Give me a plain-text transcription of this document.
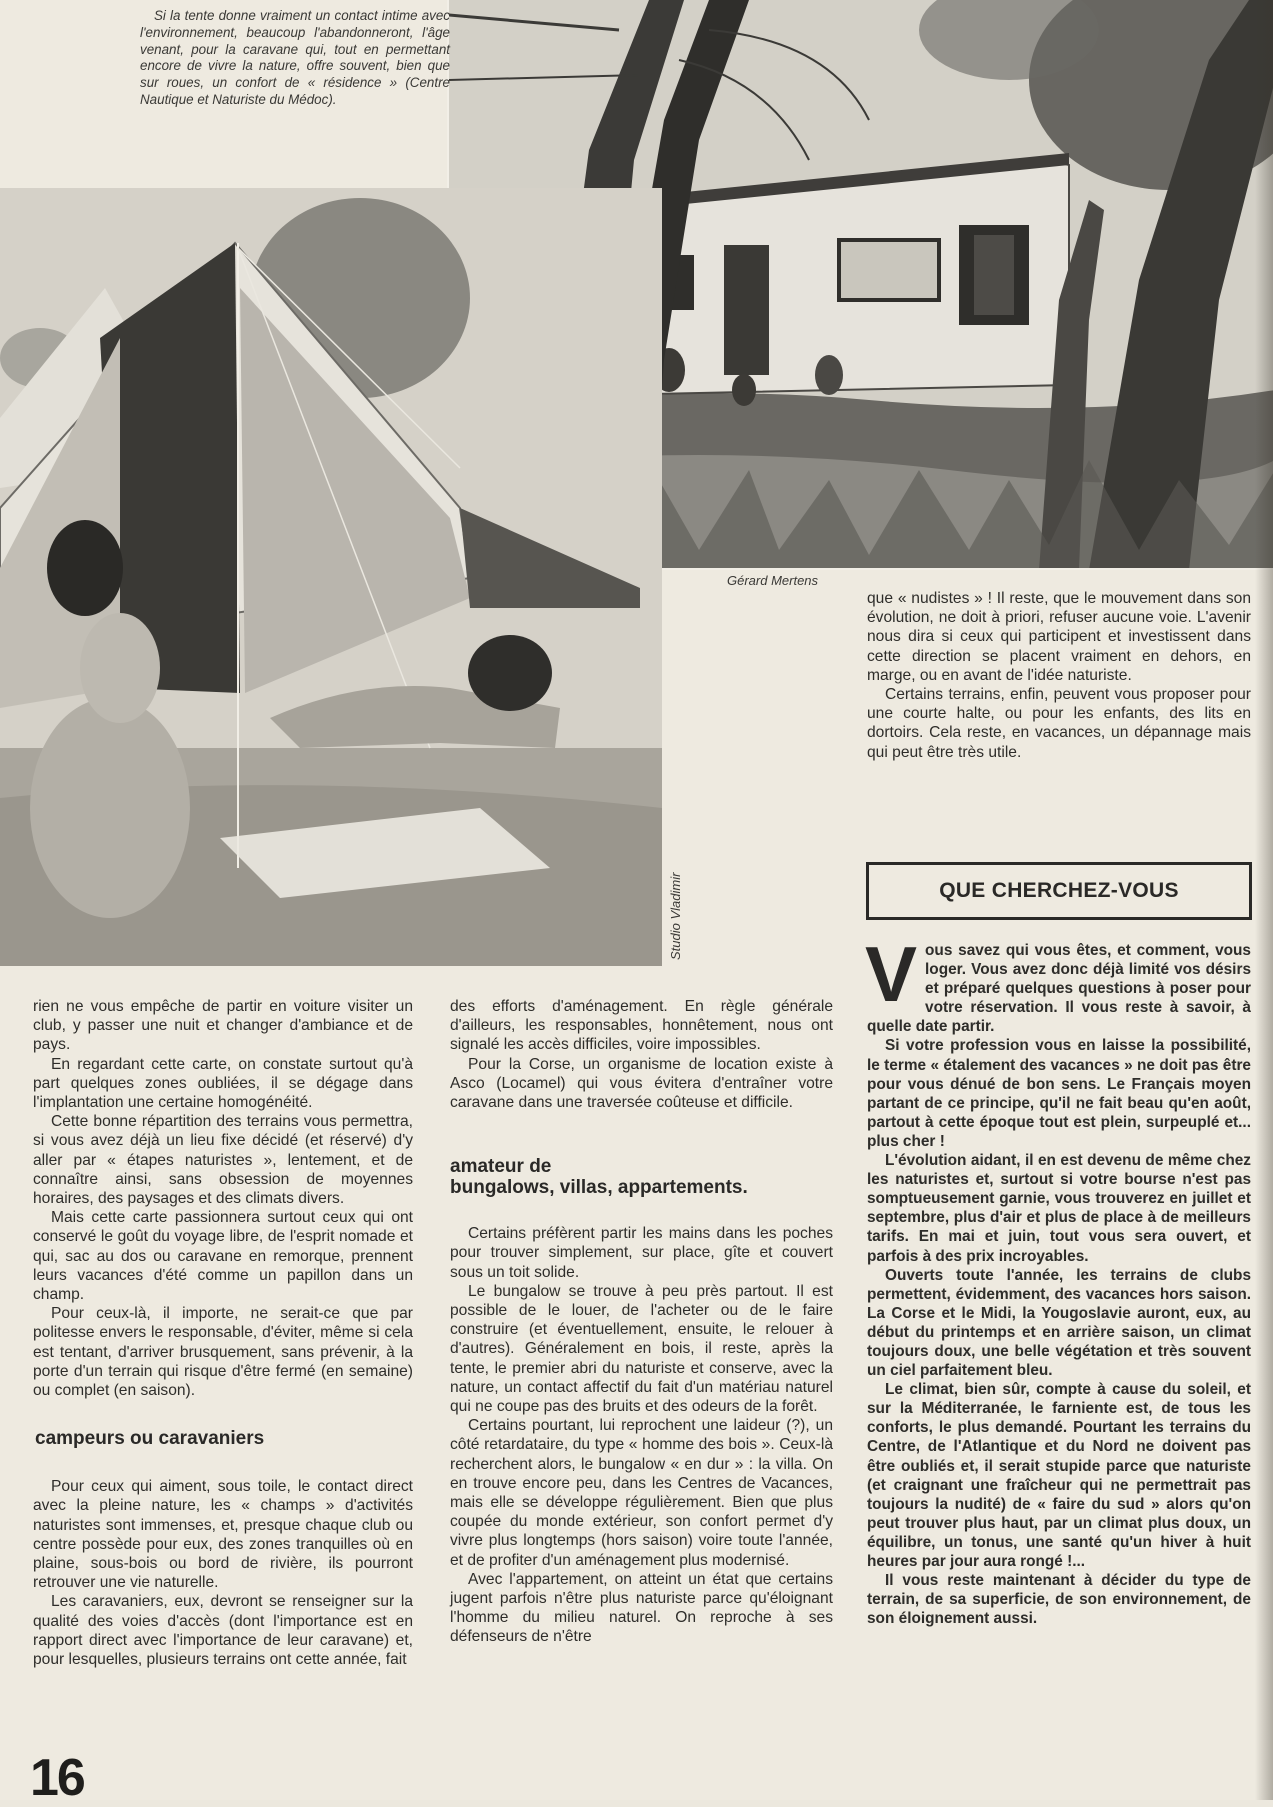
Si la tente donne vraiment un contact intime avec l'environnement, beaucoup l'abandonneront, l'âge venant, pour la caravane qui, tout en permettant encore de vivre la nature, offre souvent, bien que sur roues, un confort de « résidence » (Centre Nautique et Naturiste du Médoc).
Gérard Mertens
Studio Vladimir

que « nudistes » ! Il reste, que le mouvement dans son évolution, ne doit à priori, refuser aucune voie. L'avenir nous dira si ceux qui participent et investissent dans cette direction se placent vraiment en dehors, en marge, ou en avant de l'idée naturiste.

Certains terrains, enfin, peuvent vous proposer pour une courte halte, ou pour les enfants, des lits en dortoirs. Cela reste, en vacances, un dépannage mais qui peut être très utile.

QUE CHERCHEZ-VOUS

Vous savez qui vous êtes, et comment, vous loger. Vous avez donc déjà limité vos désirs et préparé quelques questions à poser pour votre réservation. Il vous reste à savoir, à quelle date partir.

Si votre profession vous en laisse la possibilité, le terme « étalement des vacances » ne doit pas être pour vous dénué de bon sens. Le Français moyen partant de ce principe, qu'il ne fait beau qu'en août, partout à cette époque tout est plein, surpeuplé et... plus cher !

L'évolution aidant, il en est devenu de même chez les naturistes et, surtout si votre bourse n'est pas somptueusement garnie, vous trouverez en juillet et septembre, plus d'air et plus de place à de meilleurs tarifs. En mai et juin, tout vous sera ouvert, et parfois à des prix incroyables.

Ouverts toute l'année, les terrains de clubs permettent, évidemment, des vacances hors saison. La Corse et le Midi, la Yougoslavie auront, eux, au début du printemps et en arrière saison, un climat toujours doux, une belle végétation et très souvent un ciel parfaitement bleu.

Le climat, bien sûr, compte à cause du soleil, et sur la Méditerranée, le farniente est, de tous les conforts, le plus demandé. Pourtant les terrains du Centre, de l'Atlantique et du Nord ne doivent pas être oubliés et, il serait stupide parce que naturiste (et craignant une fraîcheur qui ne permettrait pas toujours la nudité) de « faire du sud » alors qu'on peut trouver plus haut, par un climat plus doux, un équilibre, un tonus, une santé qu'un hiver à huit heures par jour aura rongé !...

Il vous reste maintenant à décider du type de terrain, de sa superficie, de son environnement, de son éloignement aussi.

rien ne vous empêche de partir en voiture visiter un club, y passer une nuit et changer d'ambiance et de pays.

En regardant cette carte, on constate surtout qu'à part quelques zones oubliées, il se dégage dans l'implantation une certaine homogénéité.

Cette bonne répartition des terrains vous permettra, si vous avez déjà un lieu fixe décidé (et réservé) d'y aller par « étapes naturistes », lentement, et de connaître ainsi, sans obsession de moyennes horaires, des paysages et des climats divers.

Mais cette carte passionnera surtout ceux qui ont conservé le goût du voyage libre, de l'esprit nomade et qui, sac au dos ou caravane en remorque, prennent leurs vacances d'été comme un papillon dans un champ.

Pour ceux-là, il importe, ne serait-ce que par politesse envers le responsable, d'éviter, même si cela est tentant, d'arriver brusquement, sans prévenir, à la porte d'un terrain qui risque d'être fermé (en semaine) ou complet (en saison).

campeurs ou caravaniers

Pour ceux qui aiment, sous toile, le contact direct avec la pleine nature, les « champs » d'activités naturistes sont immenses, et, presque chaque club ou centre possède pour eux, des zones tranquilles où en plaine, sous-bois ou bord de rivière, ils pourront retrouver une vie naturelle.

Les caravaniers, eux, devront se renseigner sur la qualité des voies d'accès (dont l'importance est en rapport direct avec l'importance de leur caravane) et, pour lesquelles, plusieurs terrains ont cette année, fait

des efforts d'aménagement. En règle générale d'ailleurs, les responsables, honnêtement, nous ont signalé les accès difficiles, voire impossibles.

Pour la Corse, un organisme de location existe à Asco (Locamel) qui vous évitera d'entraîner votre caravane dans une traversée coûteuse et difficile.

amateur de
bungalows, villas, appartements.

Certains préfèrent partir les mains dans les poches pour trouver simplement, sur place, gîte et couvert sous un toit solide.

Le bungalow se trouve à peu près partout. Il est possible de le louer, de l'acheter ou de le faire construire (et éventuellement, ensuite, le relouer à d'autres). Généralement en bois, il reste, après la tente, le premier abri du naturiste et conserve, avec la nature, un contact affectif du fait d'un matériau naturel qui ne coupe pas des bruits et des odeurs de la forêt.

Certains pourtant, lui reprochent une laideur (?), un côté retardataire, du type « homme des bois ». Ceux-là recherchent alors, le bungalow « en dur » : la villa. On en trouve encore peu, dans les Centres de Vacances, mais elle se développe régulièrement. Bien que plus coupée du monde extérieur, son confort permet d'y vivre plus longtemps (hors saison) voire toute l'année, et de profiter d'un aménagement plus modernisé.

Avec l'appartement, on atteint un état que certains jugent parfois n'être plus naturiste parce qu'éloignant l'homme du milieu naturel. On reproche à ses défenseurs de n'être

16
